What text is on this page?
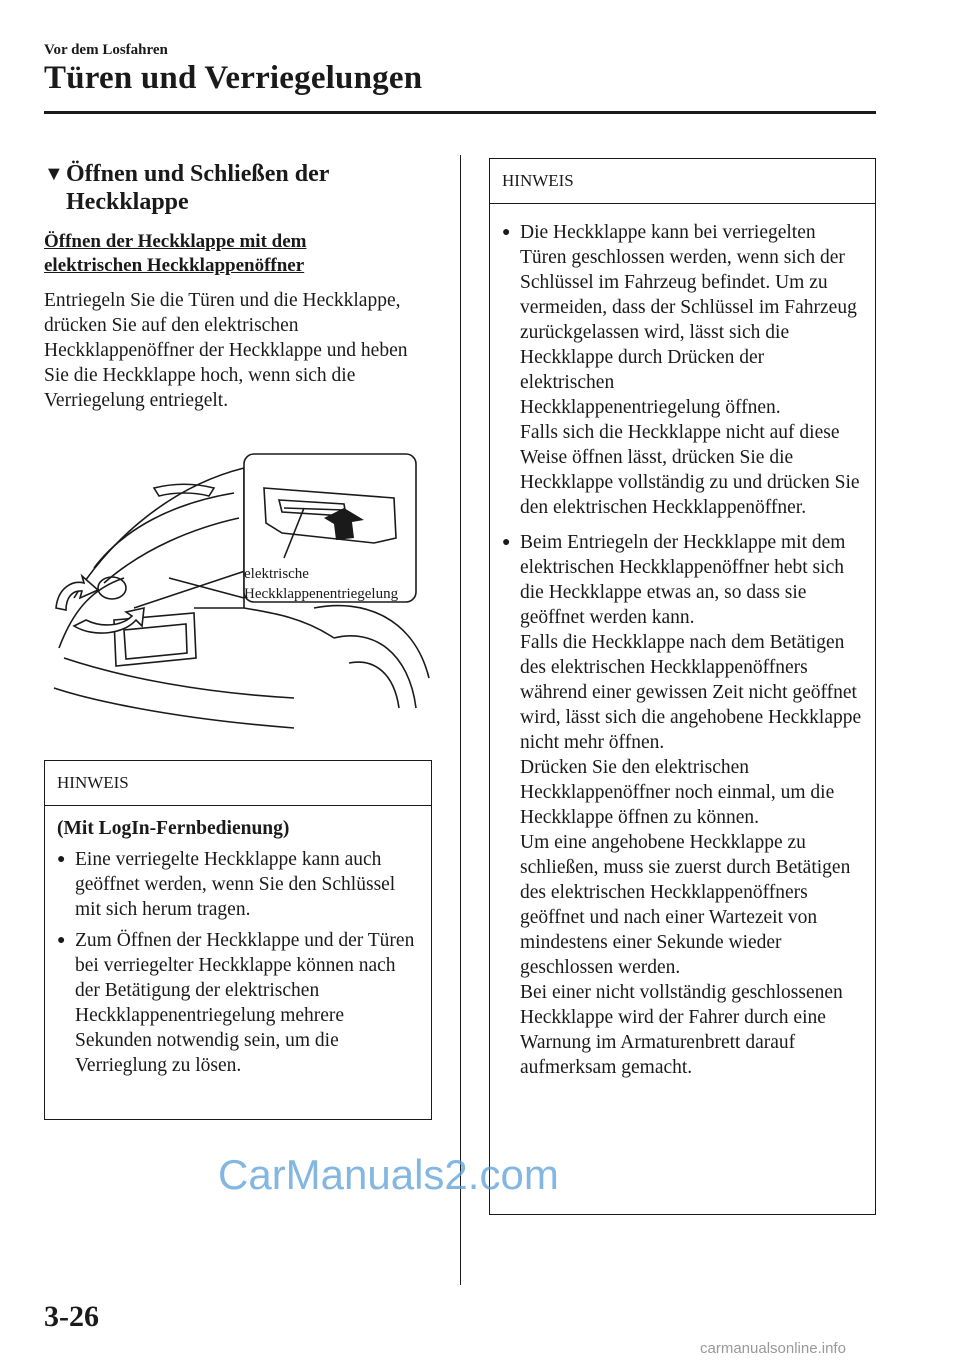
Vor dem Losfahren
Türen und Verriegelungen
▼ Öffnen und Schließen der Heckklappe
Öffnen der Heckklappe mit dem elektrischen Heckklappenöffner
Entriegeln Sie die Türen und die Heckklappe, drücken Sie auf den elektrischen Heckklappenöffner der Heckklappe und heben Sie die Heckklappe hoch, wenn sich die Verriegelung entriegelt.
elektrische
Heckklappenentriegelung
HINWEIS
(Mit LogIn-Fernbedienung)
● Eine verriegelte Heckklappe kann auch geöffnet werden, wenn Sie den Schlüssel mit sich herum tragen.
● Zum Öffnen der Heckklappe und der Türen bei verriegelter Heckklappe können nach der Betätigung der elektrischen
Heckklappenentriegelung mehrere Sekunden notwendig sein, um die Verrieglung zu lösen.
HINWEIS
● Die Heckklappe kann bei verriegelten Türen geschlossen werden, wenn sich der Schlüssel im Fahrzeug befindet. Um zu vermeiden, dass der Schlüssel im Fahrzeug zurückgelassen wird, lässt sich die Heckklappe durch Drücken der elektrischen
Heckklappenentriegelung öffnen.
Falls sich die Heckklappe nicht auf diese Weise öffnen lässt, drücken Sie die Heckklappe vollständig zu und drücken Sie den elektrischen Heckklappenöffner.
● Beim Entriegeln der Heckklappe mit dem elektrischen Heckklappenöffner hebt sich die Heckklappe etwas an, so dass sie geöffnet werden kann.
Falls die Heckklappe nach dem Betätigen des elektrischen Heckklappenöffners während einer gewissen Zeit nicht geöffnet wird, lässt sich die angehobene Heckklappe nicht mehr öffnen.
Drücken Sie den elektrischen Heckklappenöffner noch einmal, um die Heckklappe öffnen zu können.
Um eine angehobene Heckklappe zu schließen, muss sie zuerst durch Betätigen des elektrischen Heckklappenöffners geöffnet und nach einer Wartezeit von mindestens einer Sekunde wieder geschlossen werden.
Bei einer nicht vollständig geschlossenen Heckklappe wird der Fahrer durch eine Warnung im Armaturenbrett darauf aufmerksam gemacht.
3-26
CarManuals2.com
carmanualsonline.info
